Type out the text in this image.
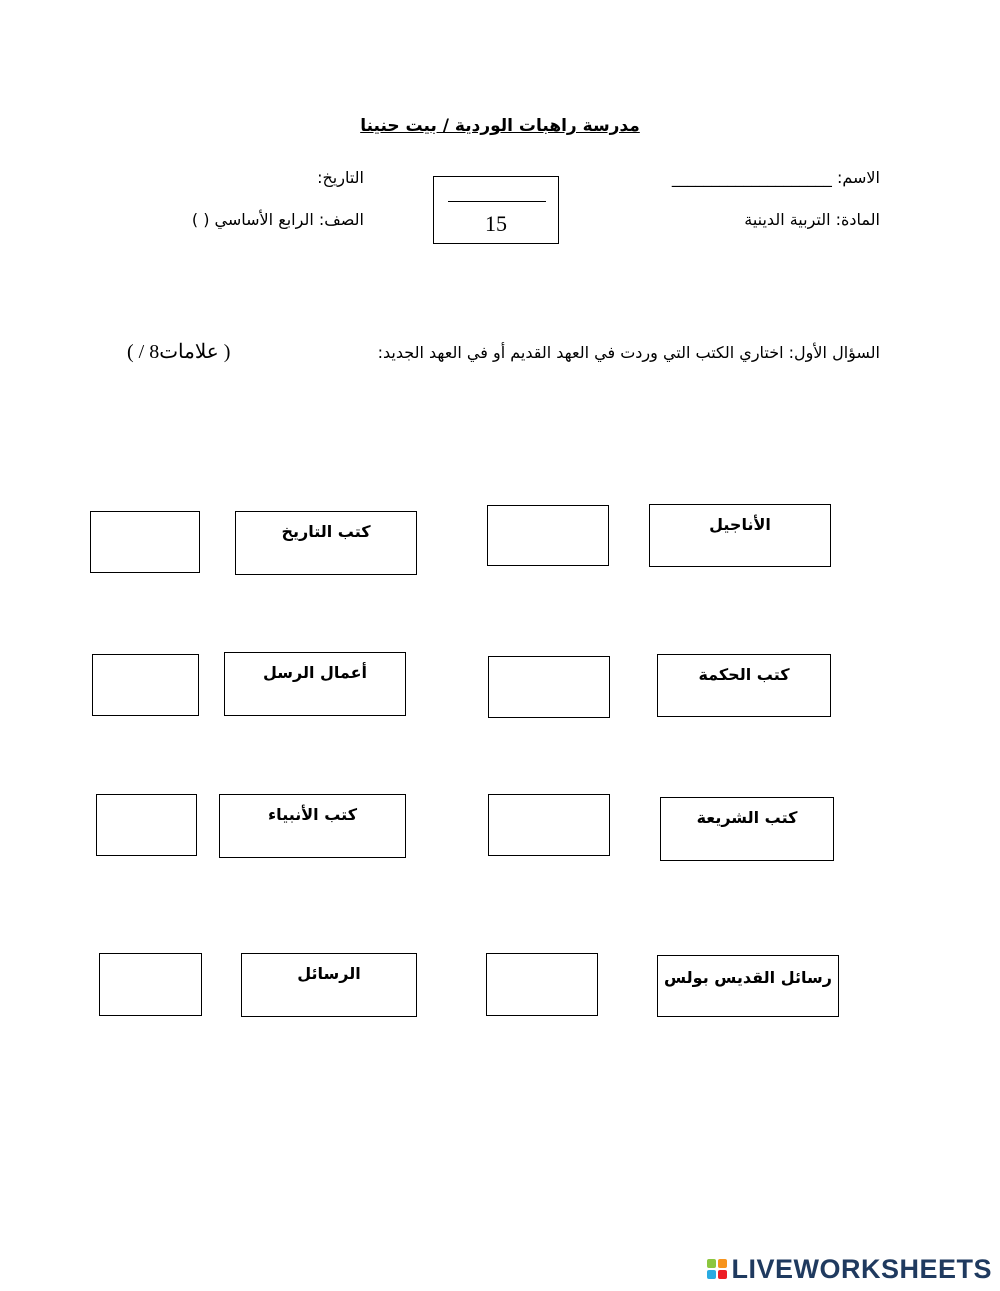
مدرسة راهبات الوردية / بيت حنينا
الاسم: ____________________
التاريخ:
المادة: التربية الدينية
الصف: الرابع الأساسي ( )	15
السؤال الأول: اختاري الكتب التي وردت في العهد القديم أو في العهد الجديد:
( / 8علامات )
الأناجيل
كتب التاريخ
كتب الحكمة
أعمال الرسل
كتب الشريعة
كتب الأنبياء
رسائل القديس بولس
الرسائل
LIVEWORKSHEETS
